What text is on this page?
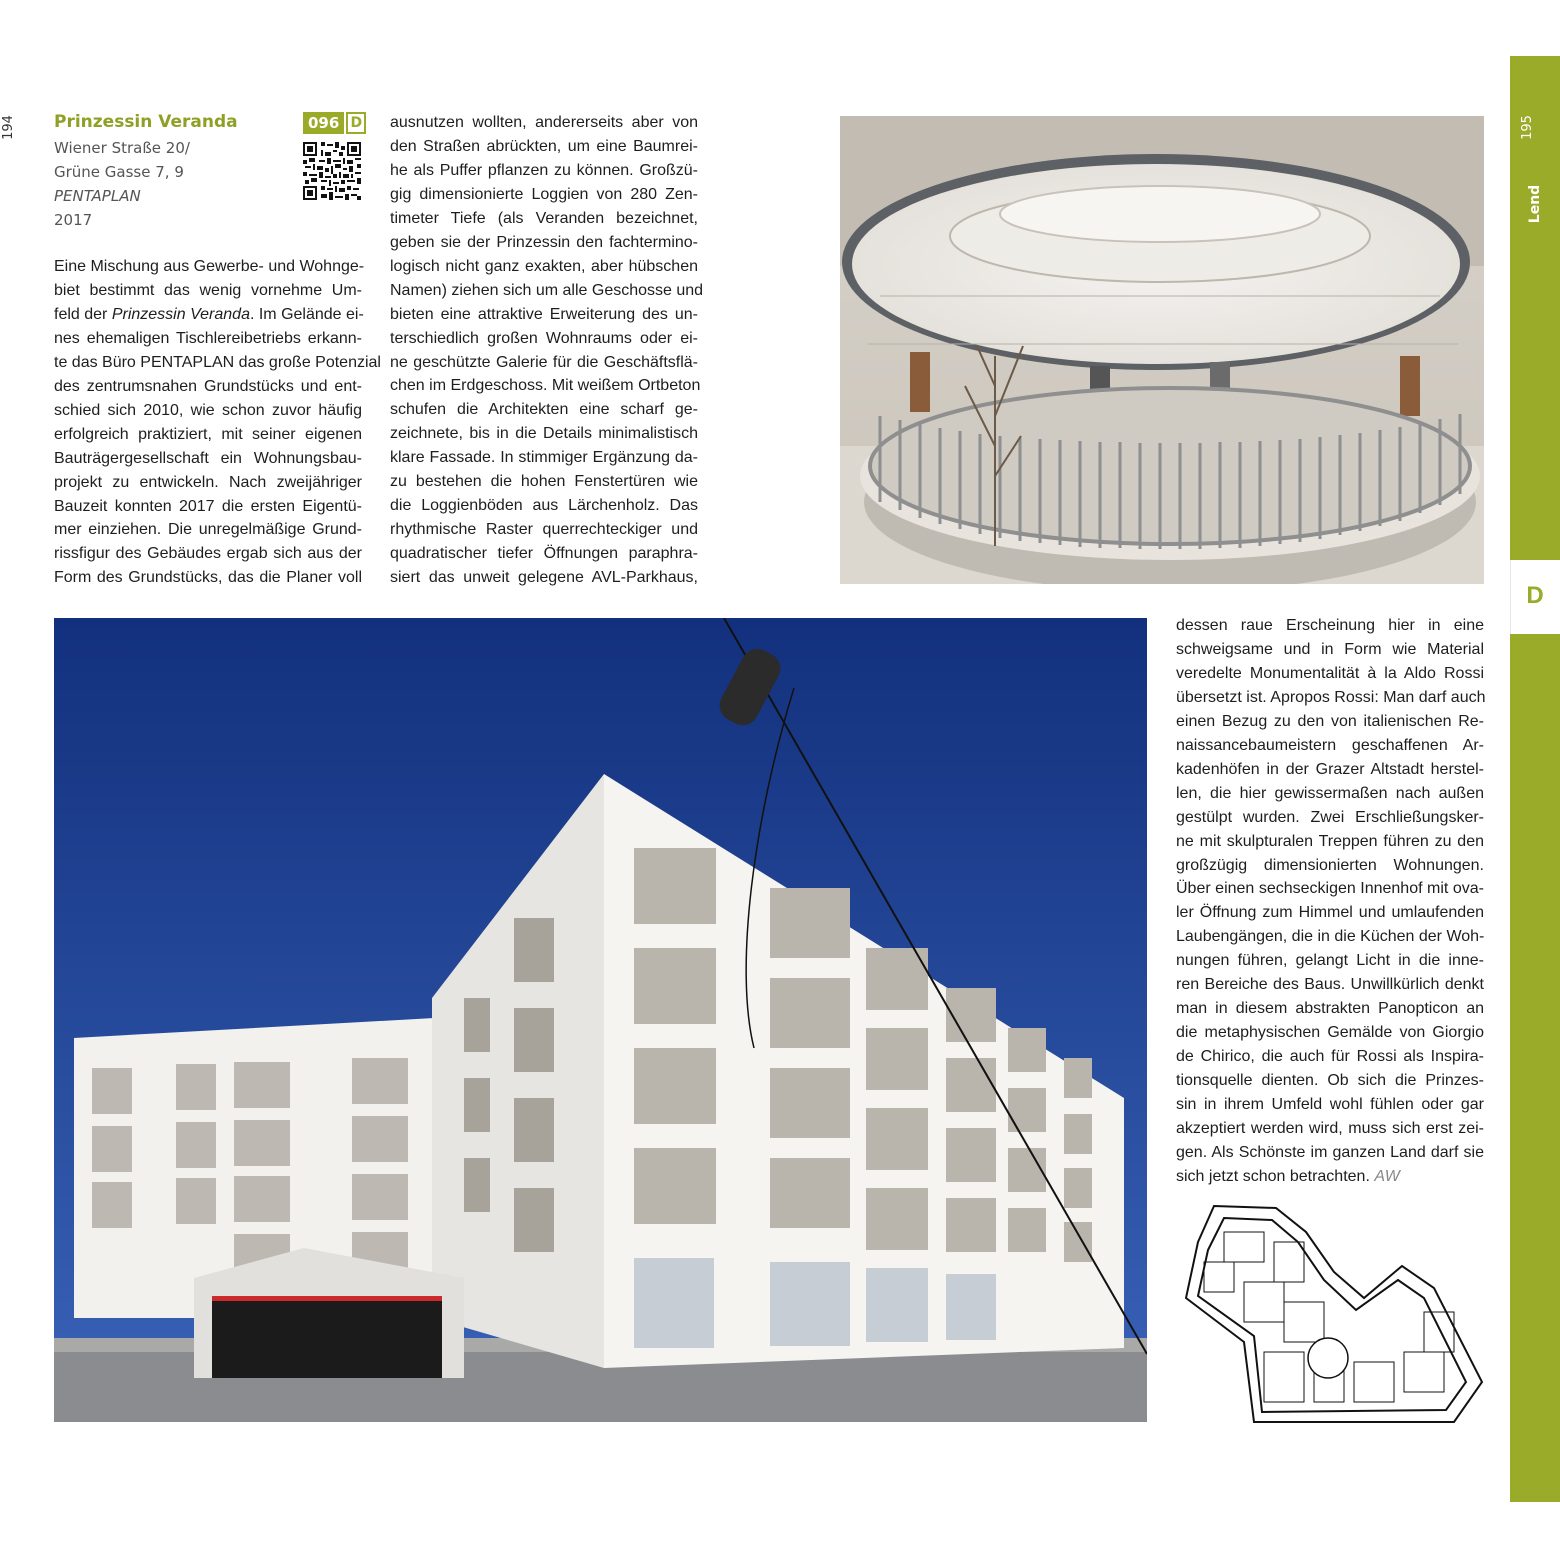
194
Lend
D
195
Prinzessin Veranda
Wiener Straße 20/
Grüne Gasse 7, 9
PENTAPLAN
2017
096 D
Eine Mischung aus Gewerbe- und Wohnge-
biet bestimmt das wenig vornehme Um-
feld der Prinzessin Veranda. Im Gelände ei-
nes ehemaligen Tischlereibetriebs erkann-
te das Büro PENTAPLAN das große Potenzial
des zentrumsnahen Grundstücks und ent-
schied sich 2010, wie schon zuvor häufig
erfolgreich praktiziert, mit seiner eigenen
Bauträgergesellschaft ein Wohnungsbau-
projekt zu entwickeln. Nach zweijähriger
Bauzeit konnten 2017 die ersten Eigentü-
mer einziehen. Die unregelmäßige Grund-
rissfigur des Gebäudes ergab sich aus der
Form des Grundstücks, das die Planer voll
ausnutzen wollten, andererseits aber von
den Straßen abrückten, um eine Baumrei-
he als Puffer pflanzen zu können. Großzü-
gig dimensionierte Loggien von 280 Zen-
timeter Tiefe (als Veranden bezeichnet,
geben sie der Prinzessin den fachtermino-
logisch nicht ganz exakten, aber hübschen
Namen) ziehen sich um alle Geschosse und
bieten eine attraktive Erweiterung des un-
terschiedlich großen Wohnraums oder ei-
ne geschützte Galerie für die Geschäftsflä-
chen im Erdgeschoss. Mit weißem Ortbeton
schufen die Architekten eine scharf ge-
zeichnete, bis in die Details minimalistisch
klare Fassade. In stimmiger Ergänzung da-
zu bestehen die hohen Fenstertüren wie
die Loggienböden aus Lärchenholz. Das
rhythmische Raster querrechteckiger und
quadratischer tiefer Öffnungen paraphra-
siert das unweit gelegene AVL-Parkhaus,
dessen raue Erscheinung hier in eine
schweigsame und in Form wie Material
veredelte Monumentalität à la Aldo Rossi
übersetzt ist. Apropos Rossi: Man darf auch
einen Bezug zu den von italienischen Re-
naissancebaumeistern geschaffenen Ar-
kadenhöfen in der Grazer Altstadt herstel-
len, die hier gewissermaßen nach außen
gestülpt wurden. Zwei Erschließungsker-
ne mit skulpturalen Treppen führen zu den
großzügig dimensionierten Wohnungen.
Über einen sechseckigen Innenhof mit ova-
ler Öffnung zum Himmel und umlaufenden
Laubengängen, die in die Küchen der Woh-
nungen führen, gelangt Licht in die inne-
ren Bereiche des Baus. Unwillkürlich denkt
man in diesem abstrakten Panopticon an
die metaphysischen Gemälde von Giorgio
de Chirico, die auch für Rossi als Inspira-
tionsquelle dienten. Ob sich die Prinzes-
sin in ihrem Umfeld wohl fühlen oder gar
akzeptiert werden wird, muss sich erst zei-
gen. Als Schönste im ganzen Land darf sie
sich jetzt schon betrachten. AW
